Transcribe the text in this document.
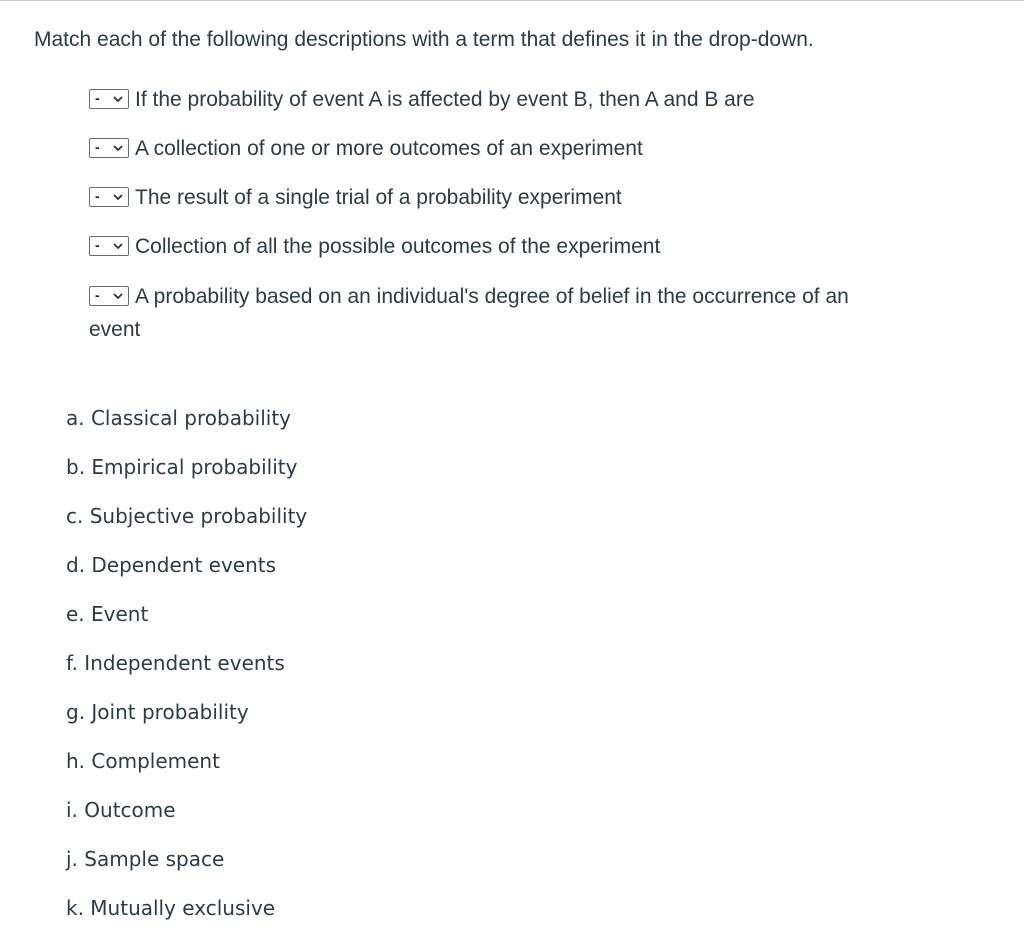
Match each of the following descriptions with a term that defines it in the drop-down.
- If the probability of event A is affected by event B, then A and B are
- A collection of one or more outcomes of an experiment
- The result of a single trial of a probability experiment
- Collection of all the possible outcomes of the experiment
- A probability based on an individual's degree of belief in the occurrence of an event
a. Classical probability
b. Empirical probability
c. Subjective probability
d. Dependent events
e. Event
f. Independent events
g. Joint probability
h. Complement
i. Outcome
j. Sample space
k. Mutually exclusive
